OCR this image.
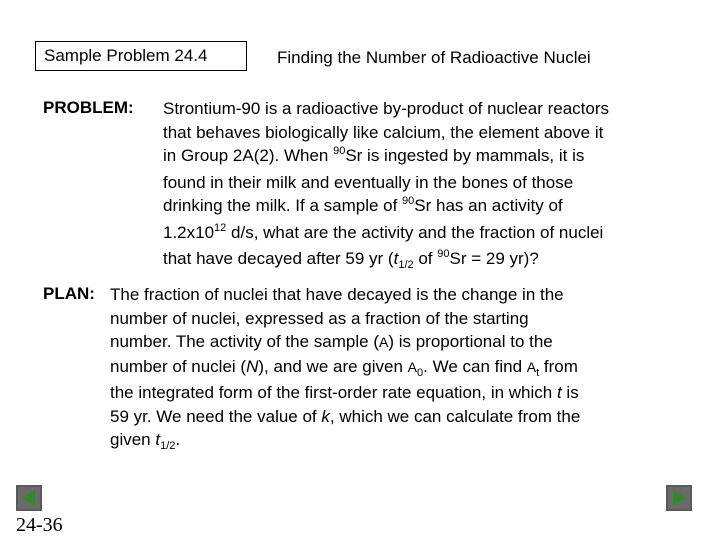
Sample Problem 24.4	Finding the Number of Radioactive Nuclei
PROBLEM: Strontium-90 is a radioactive by-product of nuclear reactors
that behaves biologically like calcium, the element above it
in Group 2A(2). When $^{90}$Sr is ingested by mammals, it is
found in their milk and eventually in the bones of those
drinking the milk. If a sample of $^{90}$Sr has an activity of
$1.2x10^{12}$ d/s, what are the activity and the fraction of nuclei
that have decayed after 59 yr ($t_{1/2}$ of $^{90}$Sr = 29 yr)?
PLAN: The fraction of nuclei that have decayed is the change in the
number of nuclei, expressed as a fraction of the starting
number. The activity of the sample (A) is proportional to the
number of nuclei (N), and we are given $A_0$. We can find $A_t$ from
the integrated form of the first-order rate equation, in which t is
59 yr. We need the value of k, which we can calculate from the
given $t_{1/2}$.
24-36
